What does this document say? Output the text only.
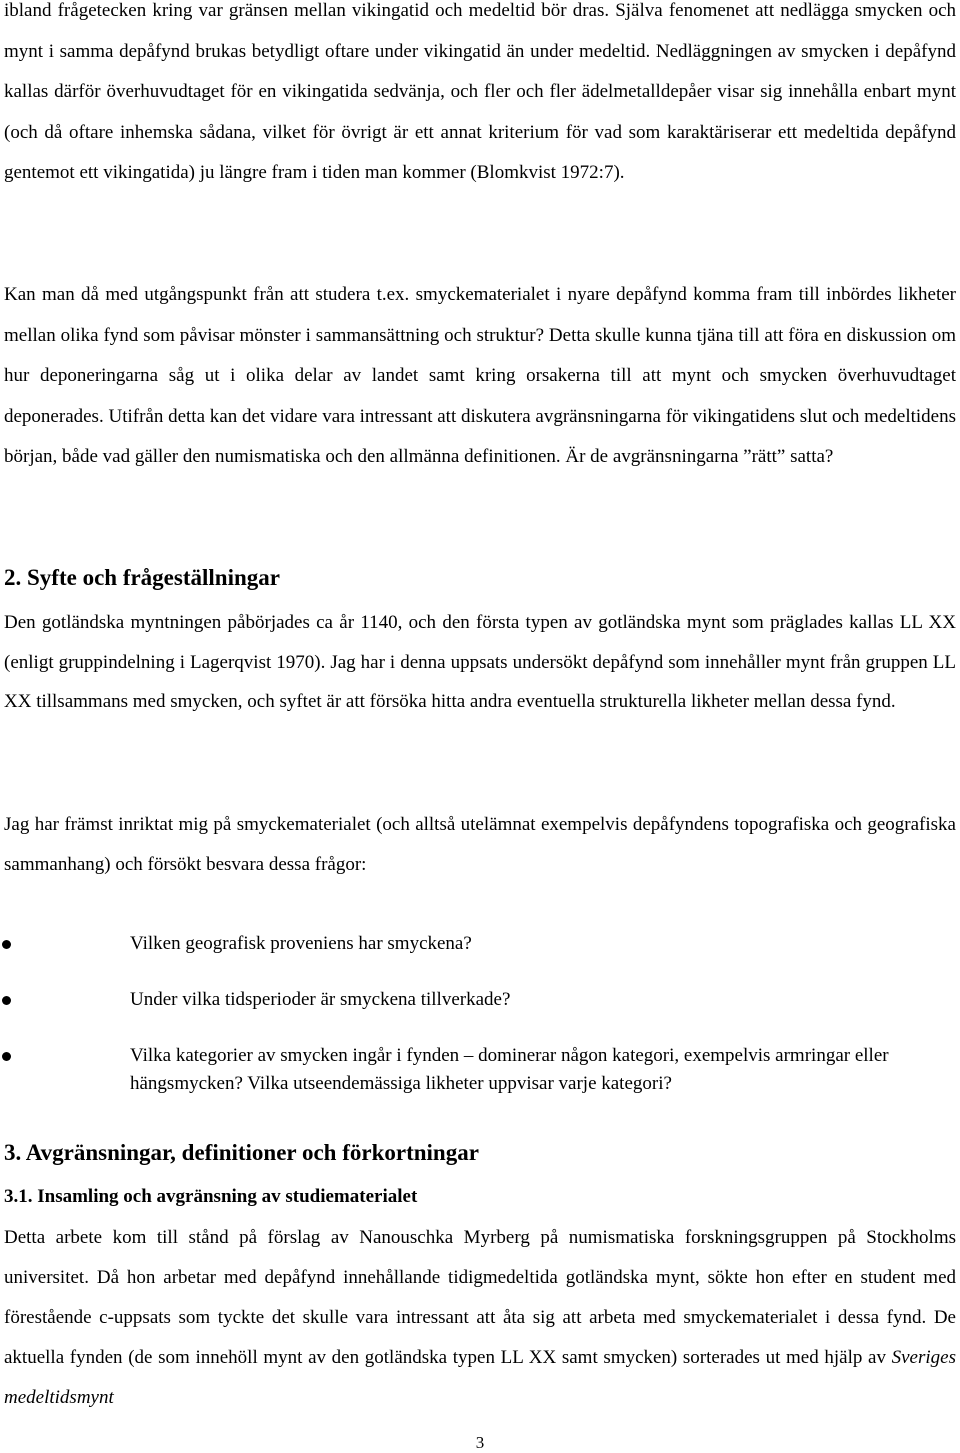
ibland frågetecken kring var gränsen mellan vikingatid och medeltid bör dras. Själva fenomenet att nedlägga smycken och mynt i samma depåfynd brukas betydligt oftare under vikingatid än under medeltid. Nedläggningen av smycken i depåfynd kallas därför överhuvudtaget för en vikingatida sedvänja, och fler och fler ädelmetalldepåer visar sig innehålla enbart mynt (och då oftare inhemska sådana, vilket för övrigt är ett annat kriterium för vad som karaktäriserar ett medeltida depåfynd gentemot ett vikingatida) ju längre fram i tiden man kommer (Blomkvist 1972:7).

Kan man då med utgångspunkt från att studera t.ex. smyckematerialet i nyare depåfynd komma fram till inbördes likheter mellan olika fynd som påvisar mönster i sammansättning och struktur? Detta skulle kunna tjäna till att föra en diskussion om hur deponeringarna såg ut i olika delar av landet samt kring orsakerna till att mynt och smycken överhuvudtaget deponerades. Utifrån detta kan det vidare vara intressant att diskutera avgränsningarna för vikingatidens slut och medeltidens början, både vad gäller den numismatiska och den allmänna definitionen. Är de avgränsningarna ”rätt” satta?

2. Syfte och frågeställningar

Den gotländska myntningen påbörjades ca år 1140, och den första typen av gotländska mynt som präglades kallas LL XX (enligt gruppindelning i Lagerqvist 1970). Jag har i denna uppsats undersökt depåfynd som innehåller mynt från gruppen LL XX tillsammans med smycken, och syftet är att försöka hitta andra eventuella strukturella likheter mellan dessa fynd.

Jag har främst inriktat mig på smyckematerialet (och alltså utelämnat exempelvis depåfyndens topografiska och geografiska sammanhang) och försökt besvara dessa frågor:

Vilken geografisk proveniens har smyckena?
Under vilka tidsperioder är smyckena tillverkade?
Vilka kategorier av smycken ingår i fynden – dominerar någon kategori, exempelvis armringar eller hängsmycken? Vilka utseendemässiga likheter uppvisar varje kategori?
3. Avgränsningar, definitioner och förkortningar
3.1. Insamling och avgränsning av studiematerialet

Detta arbete kom till stånd på förslag av Nanouschka Myrberg på numismatiska forskningsgruppen på Stockholms universitet. Då hon arbetar med depåfynd innehållande tidigmedeltida gotländska mynt, sökte hon efter en student med förestående c-uppsats som tyckte det skulle vara intressant att åta sig att arbeta med smyckematerialet i dessa fynd. De aktuella fynden (de som innehöll mynt av den gotländska typen LL XX samt smycken) sorterades ut med hjälp av Sveriges medeltidsmynt

3
